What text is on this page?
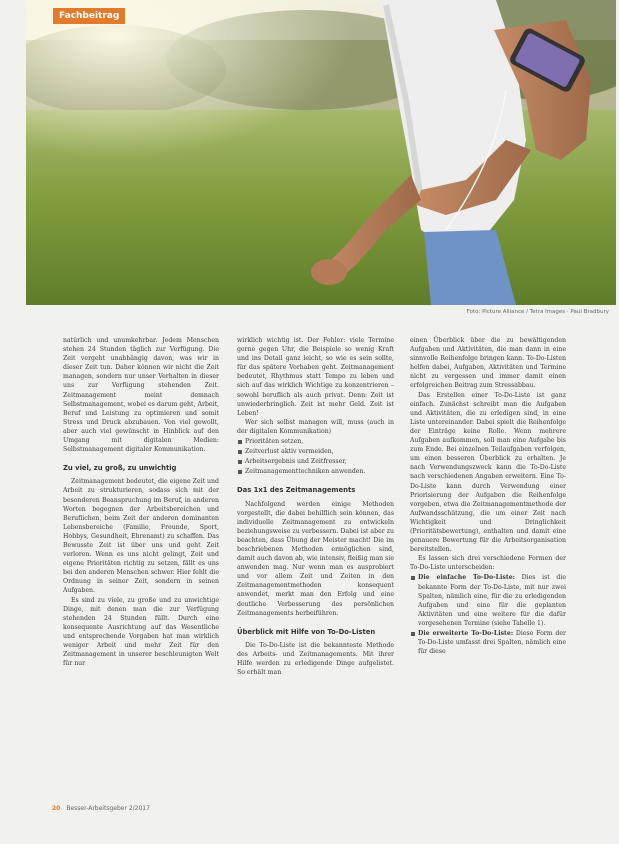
Fachbeitrag
Foto: Picture Alliance / Tetra Images · Paul Bradbury

natürlich und unumkehrbar. Jedem Menschen stehen 24 Stunden täglich zur Verfügung. Die Zeit vergeht unabhängig davon, was wir in dieser Zeit tun. Daher können wir nicht die Zeit managen, sondern nur unser Verhalten in dieser uns zur Verfügung stehenden Zeit. Zeitmanagement meint demnach Selbstmanagement, wobei es darum geht, Arbeit, Beruf und Leistung zu optimieren und somit Stress und Druck abzubauen. Von viel gewollt, aber auch viel gewünscht in Hinblick auf den Umgang mit digitalen Medien: Selbstmanagement digitaler Kommunikation.

Zu viel, zu groß, zu unwichtig

Zeitmanagement bedeutet, die eigene Zeit und Arbeit zu strukturieren, sodass sich mit der besonderen Beanspruchung im Beruf, in anderen Worten begegnen der Arbeitsbereichen und Beruflichen, beim Zeit der anderen dominanten Lebensbereiche (Familie, Freunde, Sport, Hobbys, Gesundheit, Ehrenamt) zu schaffen. Das Bewusste Zeit ist über uns und geht Zeit verloren. Wenn es uns nicht gelingt, Zeit und eigene Prioritäten richtig zu setzen, fällt es uns bei den anderen Menschen schwer. Hier fehlt die Ordnung in seiner Zeit, sondern in seinen Aufgaben.

Es sind zu viele, zu große und zu unwichtige Dinge, mit denen man die zur Verfügung stehenden 24 Stunden füllt. Durch eine konsequente Ausrichtung auf das Wesentliche und entsprechende Vorgaben hat man wirklich weniger Arbeit und mehr Zeit für den Zeitmanagement in unserer beschleunigten Welt für nur

wirklich wichtig ist. Der Fehler: viele Termine gerne gegen Uhr, die Beispiele so wenig Kraft und ins Detail ganz leicht, so wie es sein sollte, für das spätere Vorhaben geht. Zeitmanagement bedeutet, Rhythmus statt Tempo zu leben und sich auf das wirklich Wichtige zu konzentrieren – sowohl beruflich als auch privat. Denn: Zeit ist unwiederbringlich. Zeit ist mehr Geld. Zeit ist Leben!

Wer sich selbst managen will, muss (auch in der digitalen Kommunikation)

Prioritäten setzen,
Zeitverlust aktiv vermeiden,
Arbeitsergebnis und Zeitfresser,
Zeitmanagementtechniken anwenden.
Das 1x1 des Zeitmanagements

Nachfolgend werden einige Methoden vorgestellt, die dabei behilflich sein können, das individuelle Zeitmanagement zu entwickeln beziehungsweise zu verbessern. Dabei ist aber zu beachten, dass Übung der Meister macht! Die im beschriebenen Methoden ermöglichen sind, damit auch davon ab, wie intensiv, fleißig man sie anwenden mag. Nur wenn man es ausprobiert und vor allem Zeit und Zeiten in den Zeitmanagementmethoden konsequent anwendet, merkt man den Erfolg und eine deutliche Verbesserung des persönlichen Zeitmanagements herbeiführen.

Überblick mit Hilfe von To-Do-Listen

Die To-Do-Liste ist die bekannteste Methode des Arbeits- und Zeitmanagements. Mit ihrer Hilfe werden zu erledigende Dinge aufgelistet. So erhält man

einen Überblick über die zu bewältigenden Aufgaben und Aktivitäten, die man dann in eine sinnvolle Reihenfolge bringen kann. To-Do-Listen helfen dabei, Aufgaben, Aktivitäten und Termine nicht zu vergessen und immer damit einen erfolgreichen Beitrag zum Stressabbau.

Das Erstellen einer To-Do-Liste ist ganz einfach. Zunächst schreibt man die Aufgaben und Aktivitäten, die zu erledigen sind, in eine Liste untereinander. Dabei spielt die Reihenfolge der Einträge keine Rolle. Wenn mehrere Aufgaben aufkommen, soll man eine Aufgabe bis zum Ende. Bei einzelnen Teilaufgaben verfolgen, um einen besseren Überblick zu erhalten. Je nach Verwendungszweck kann die To-Do-Liste nach verschiedenen Angaben erweitern. Eine To-Do-Liste kann durch Verwendung einer Priorisierung der Aufgaben die Reihenfolge vorgeben, etwa die Zeitmanagementmethode der Aufwandsschätzung, die um einer Zeit nach Wichtigkeit und Dringlichkeit (Prioritätsbewertung), enthalten und damit eine genauere Bewertung für die Arbeitsorganisation bereitstellen.

Es lassen sich drei verschiedene Formen der To-Do-Liste unterscheiden:

Die einfache To-Do-Liste: Dies ist die bekannte Form der To-Do-Liste, mit nur zwei Spalten, nämlich eine, für die zu erledigenden Aufgaben und eine für die geplanten Aktivitäten und eine weitere für die dafür vorgesehenen Termine (siehe Tabelle 1).
Die erweiterte To-Do-Liste: Diese Form der To-Do-Liste umfasst drei Spalten, nämlich eine für diese
20 Besser-Arbeitsgeber 2/2017
